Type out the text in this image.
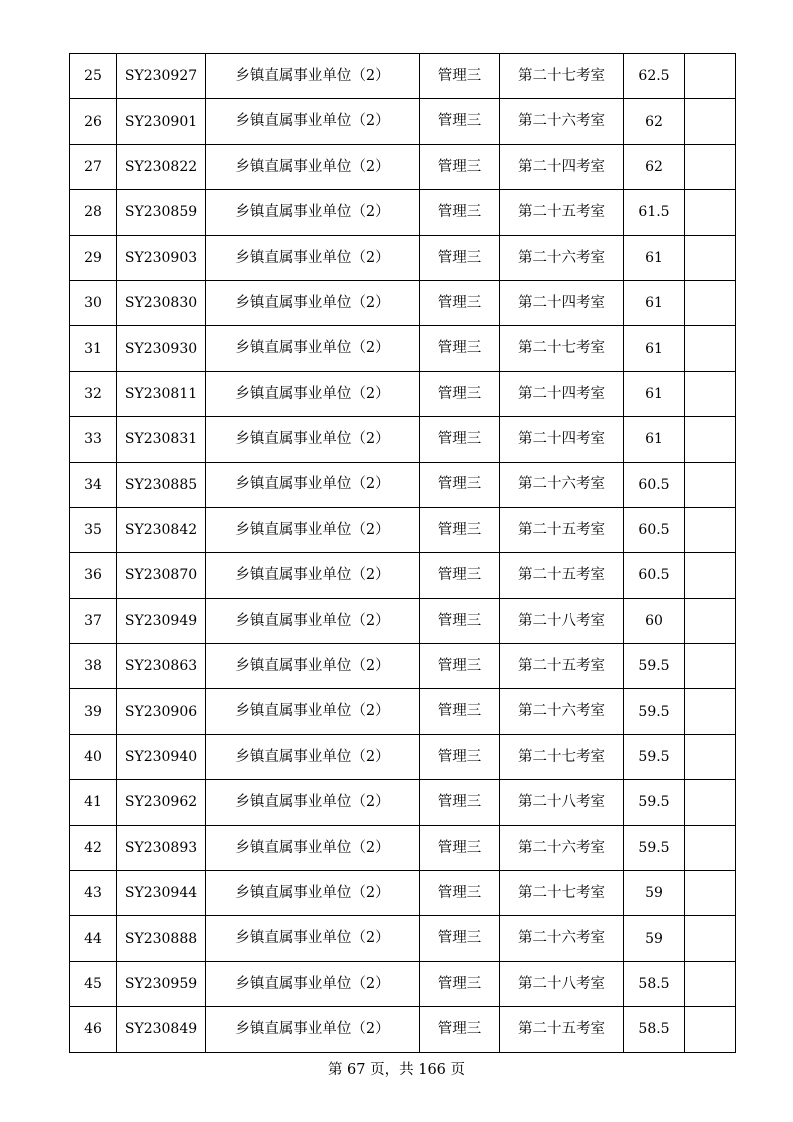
25	SY230927	乡镇直属事业单位（2）	管理三	第二十七考室	62.5	
26	SY230901	乡镇直属事业单位（2）	管理三	第二十六考室	62	
27	SY230822	乡镇直属事业单位（2）	管理三	第二十四考室	62	
28	SY230859	乡镇直属事业单位（2）	管理三	第二十五考室	61.5	
29	SY230903	乡镇直属事业单位（2）	管理三	第二十六考室	61	
30	SY230830	乡镇直属事业单位（2）	管理三	第二十四考室	61	
31	SY230930	乡镇直属事业单位（2）	管理三	第二十七考室	61	
32	SY230811	乡镇直属事业单位（2）	管理三	第二十四考室	61	
33	SY230831	乡镇直属事业单位（2）	管理三	第二十四考室	61	
34	SY230885	乡镇直属事业单位（2）	管理三	第二十六考室	60.5	
35	SY230842	乡镇直属事业单位（2）	管理三	第二十五考室	60.5	
36	SY230870	乡镇直属事业单位（2）	管理三	第二十五考室	60.5	
37	SY230949	乡镇直属事业单位（2）	管理三	第二十八考室	60	
38	SY230863	乡镇直属事业单位（2）	管理三	第二十五考室	59.5	
39	SY230906	乡镇直属事业单位（2）	管理三	第二十六考室	59.5	
40	SY230940	乡镇直属事业单位（2）	管理三	第二十七考室	59.5	
41	SY230962	乡镇直属事业单位（2）	管理三	第二十八考室	59.5	
42	SY230893	乡镇直属事业单位（2）	管理三	第二十六考室	59.5	
43	SY230944	乡镇直属事业单位（2）	管理三	第二十七考室	59	
44	SY230888	乡镇直属事业单位（2）	管理三	第二十六考室	59	
45	SY230959	乡镇直属事业单位（2）	管理三	第二十八考室	58.5	
46	SY230849	乡镇直属事业单位（2）	管理三	第二十五考室	58.5	
第 67 页，共 166 页
